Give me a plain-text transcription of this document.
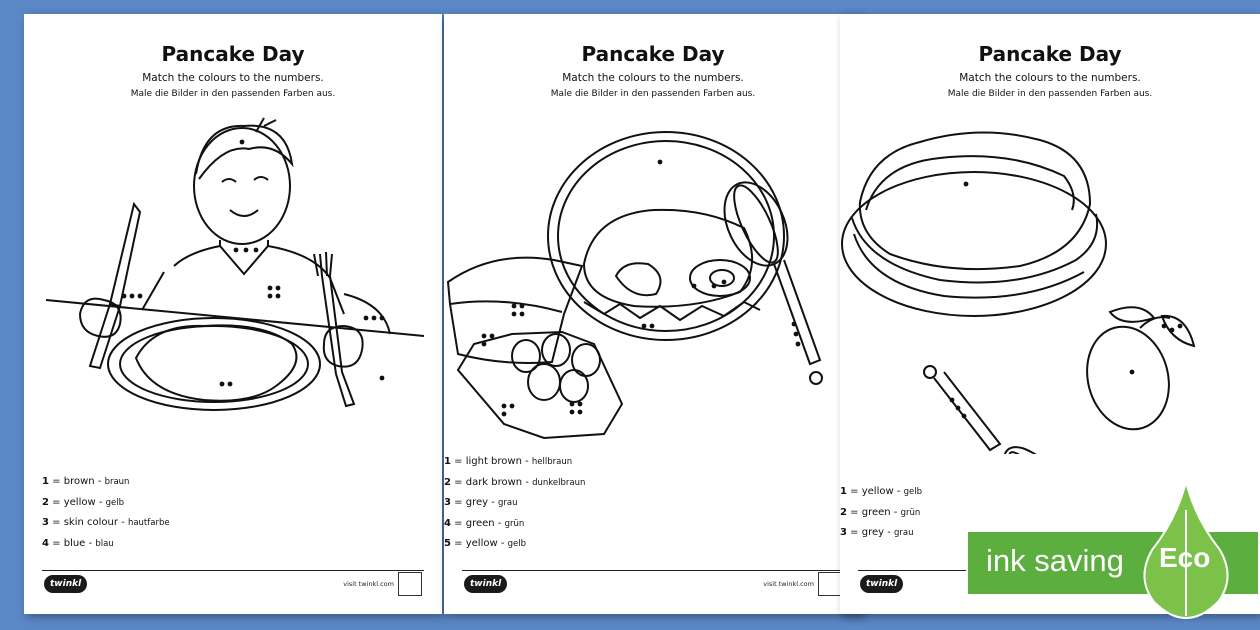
Pancake Day
Match the colours to the numbers.
Male die Bilder in den passenden Farben aus.
1 = brown - braun
2 = yellow - gelb
3 = skin colour - hautfarbe
4 = blue - blau
twinkl	visit twinkl.com
Pancake Day
Match the colours to the numbers.
Male die Bilder in den passenden Farben aus.
1 = light brown - hellbraun
2 = dark brown - dunkelbraun
3 = grey - grau
4 = green - grün
5 = yellow - gelb
twinkl	visit twinkl.com
Pancake Day
Match the colours to the numbers.
Male die Bilder in den passenden Farben aus.
1 = yellow - gelb
2 = green - grün
3 = grey - grau
twinkl
ink saving Eco
